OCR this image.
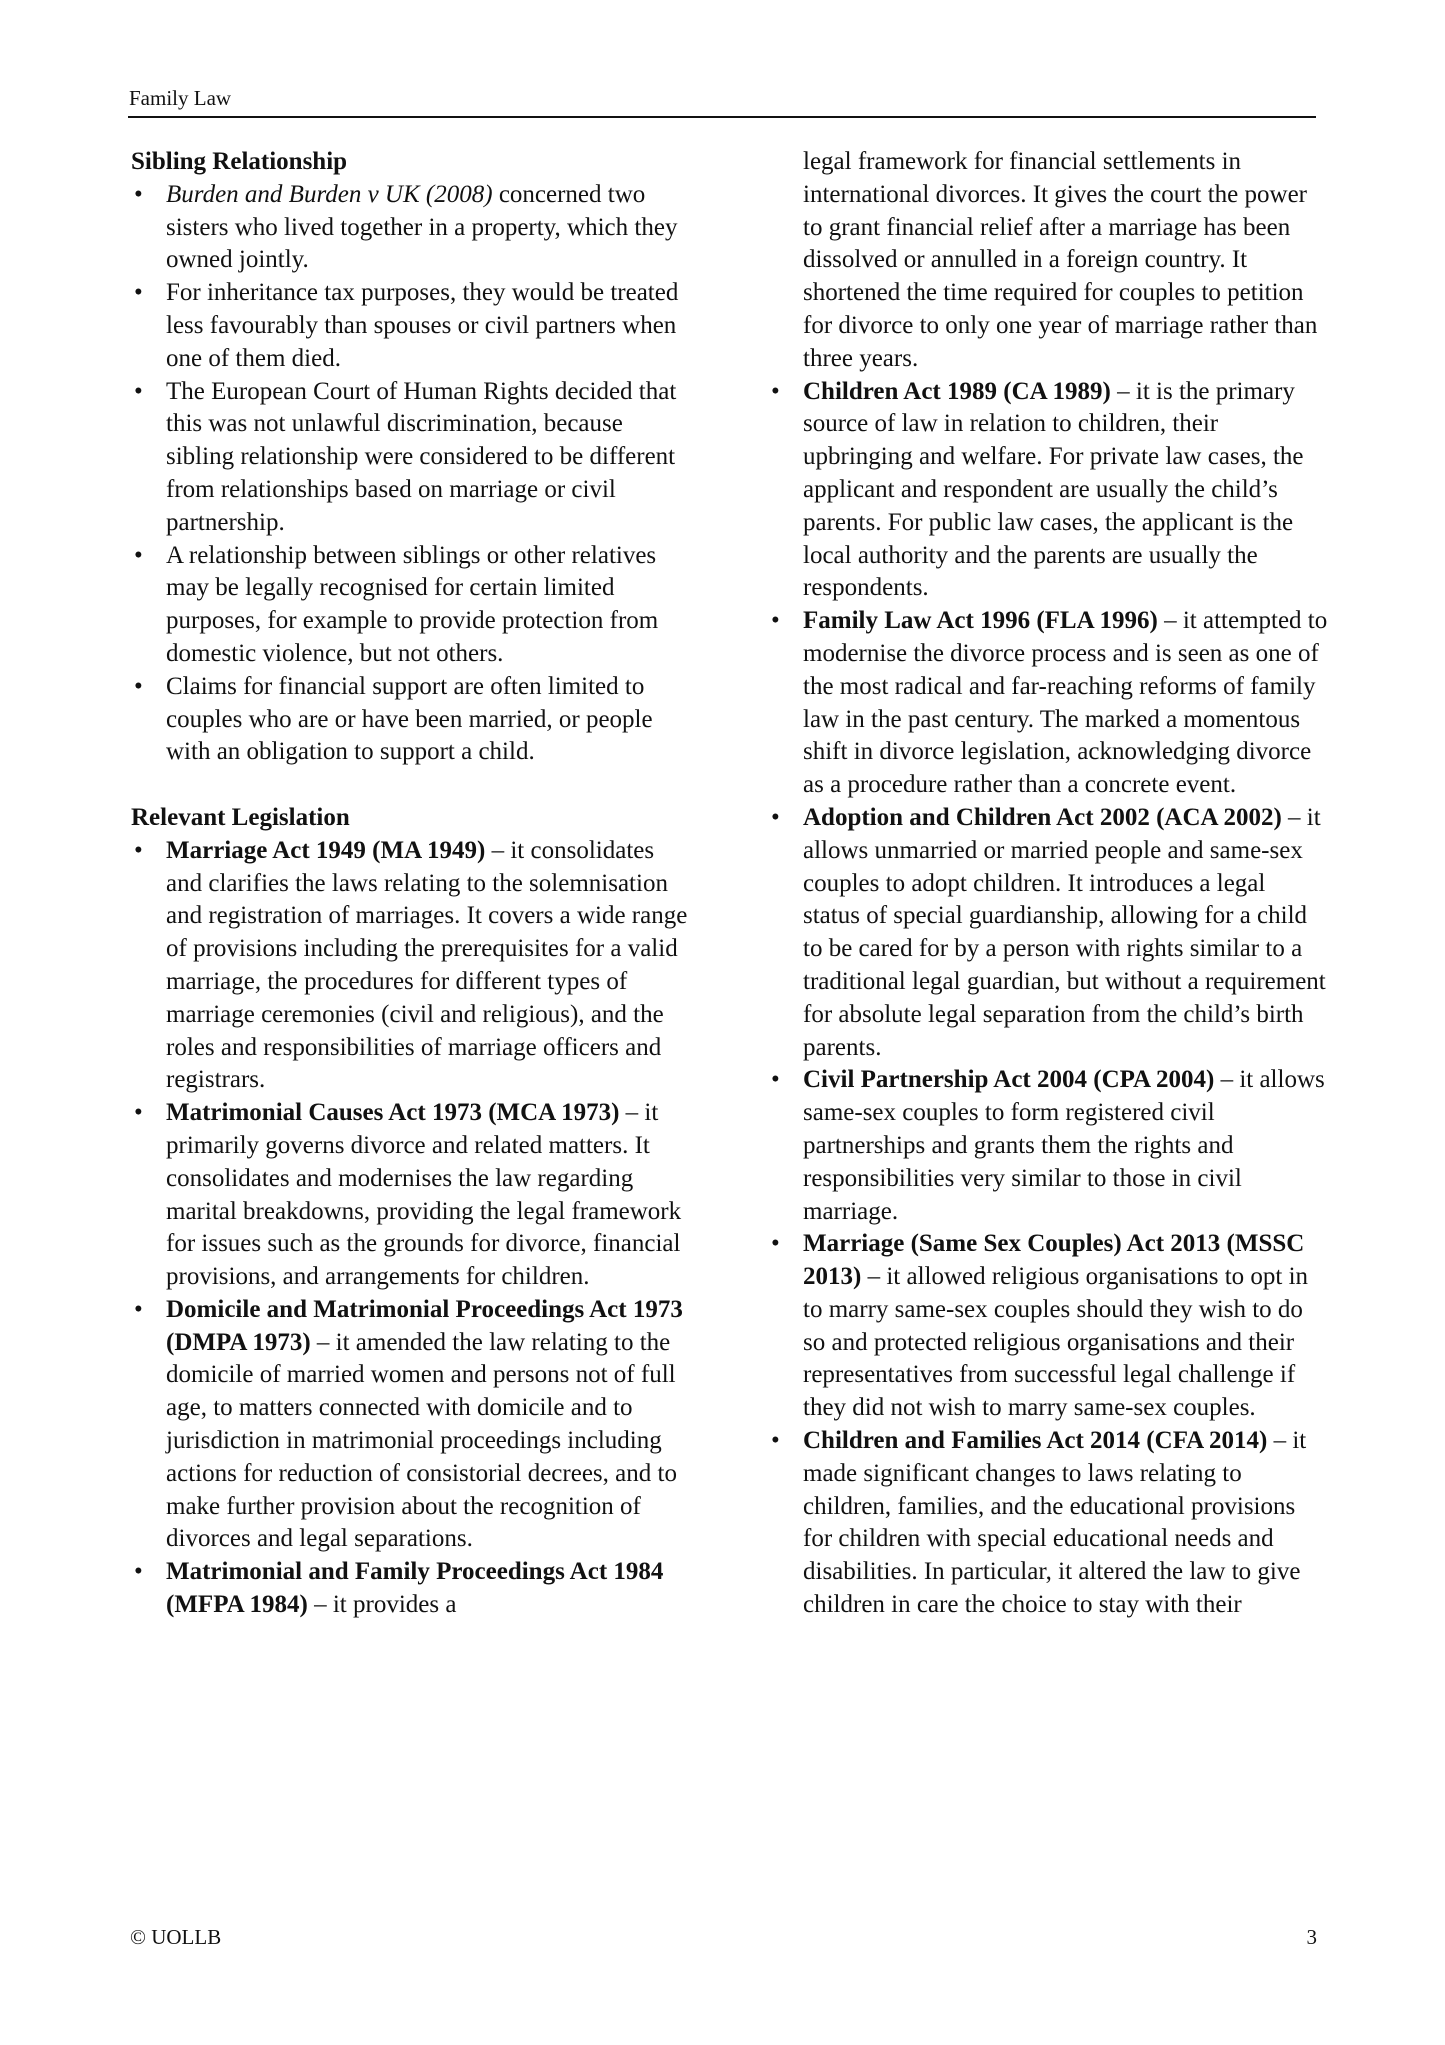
Family Law

Sibling Relationship

• Burden and Burden v UK (2008) concerned two sisters who lived together in a property, which they owned jointly.
• For inheritance tax purposes, they would be treated less favourably than spouses or civil partners when one of them died.
• The European Court of Human Rights decided that this was not unlawful discrimination, because sibling relationship were considered to be different from relationships based on marriage or civil partnership.
• A relationship between siblings or other relatives may be legally recognised for certain limited purposes, for example to provide protection from domestic violence, but not others.
• Claims for financial support are often limited to couples who are or have been married, or people with an obligation to support a child.

Relevant Legislation

• Marriage Act 1949 (MA 1949) – it consolidates and clarifies the laws relating to the solemnisation and registration of marriages. It covers a wide range of provisions including the prerequisites for a valid marriage, the procedures for different types of marriage ceremonies (civil and religious), and the roles and responsibilities of marriage officers and registrars.
• Matrimonial Causes Act 1973 (MCA 1973) – it primarily governs divorce and related matters. It consolidates and modernises the law regarding marital breakdowns, providing the legal framework for issues such as the grounds for divorce, financial provisions, and arrangements for children.
• Domicile and Matrimonial Proceedings Act 1973 (DMPA 1973) – it amended the law relating to the domicile of married women and persons not of full age, to matters connected with domicile and to jurisdiction in matrimonial proceedings including actions for reduction of consistorial decrees, and to make further provision about the recognition of divorces and legal separations.
• Matrimonial and Family Proceedings Act 1984 (MFPA 1984) – it provides a
legal framework for financial settlements in international divorces. It gives the court the power to grant financial relief after a marriage has been dissolved or annulled in a foreign country. It shortened the time required for couples to petition for divorce to only one year of marriage rather than three years.
• Children Act 1989 (CA 1989) – it is the primary source of law in relation to children, their upbringing and welfare. For private law cases, the applicant and respondent are usually the child’s parents. For public law cases, the applicant is the local authority and the parents are usually the respondents.
• Family Law Act 1996 (FLA 1996) – it attempted to modernise the divorce process and is seen as one of the most radical and far-reaching reforms of family law in the past century. The marked a momentous shift in divorce legislation, acknowledging divorce as a procedure rather than a concrete event.
• Adoption and Children Act 2002 (ACA 2002) – it allows unmarried or married people and same-sex couples to adopt children. It introduces a legal status of special guardianship, allowing for a child to be cared for by a person with rights similar to a traditional legal guardian, but without a requirement for absolute legal separation from the child’s birth parents.
• Civil Partnership Act 2004 (CPA 2004) – it allows same-sex couples to form registered civil partnerships and grants them the rights and responsibilities very similar to those in civil marriage.
• Marriage (Same Sex Couples) Act 2013 (MSSC 2013) – it allowed religious organisations to opt in to marry same-sex couples should they wish to do so and protected religious organisations and their representatives from successful legal challenge if they did not wish to marry same-sex couples.
• Children and Families Act 2014 (CFA 2014) – it made significant changes to laws relating to children, families, and the educational provisions for children with special educational needs and disabilities. In particular, it altered the law to give children in care the choice to stay with their
© UOLLB	3
